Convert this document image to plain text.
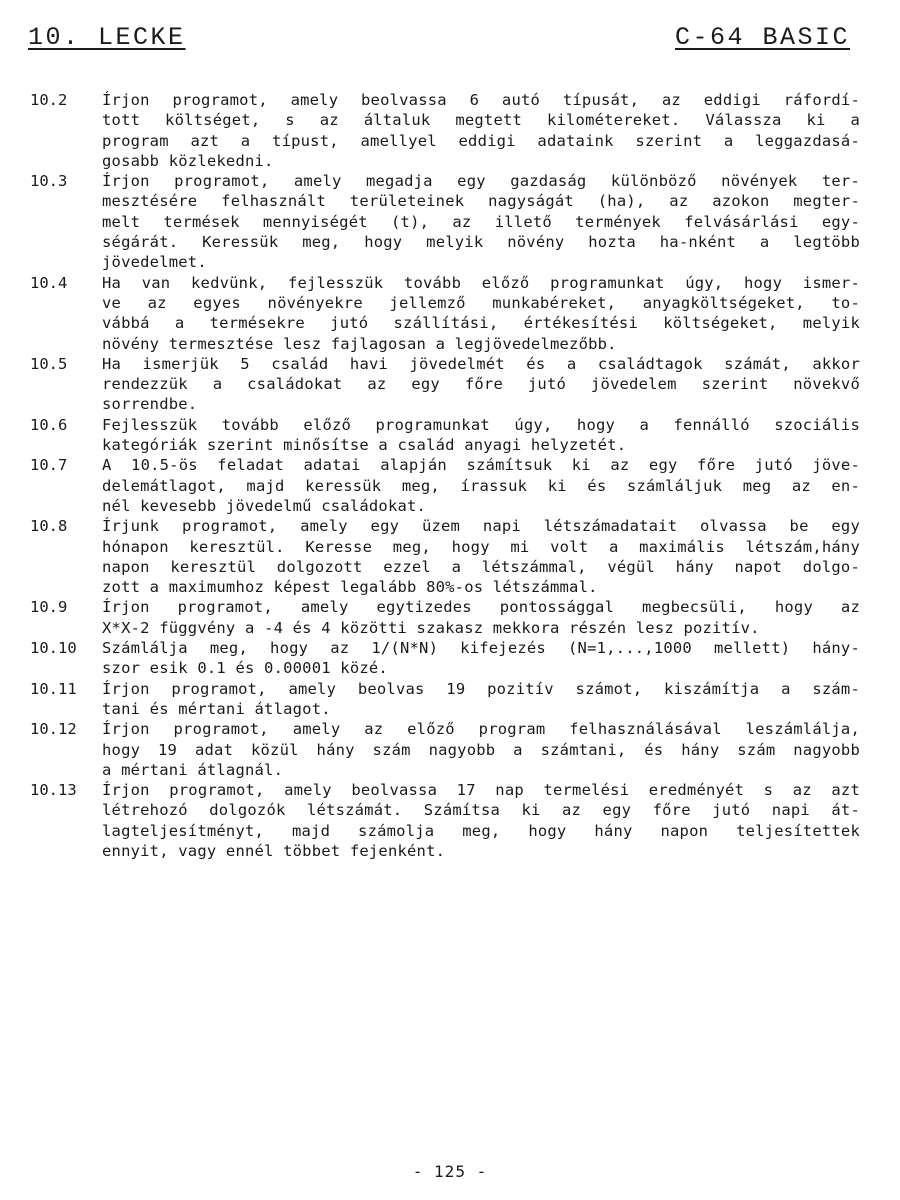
10. LECKE	C-64 BASIC
10.2	Írjon programot, amely beolvassa 6 autó típusát, az eddigi ráfordí-
tott költséget, s az általuk megtett kilométereket. Válassza ki a
program azt a típust, amellyel eddigi adataink szerint a leggazdasá-
gosabb közlekedni.
10.3	Írjon programot, amely megadja egy gazdaság különböző növények ter-
mesztésére felhasznált területeinek nagyságát (ha), az azokon megter-
melt termések mennyiségét (t), az illető termények felvásárlási egy-
ségárát. Keressük meg, hogy melyik növény hozta ha-nként a legtöbb
jövedelmet.
10.4	Ha van kedvünk, fejlesszük tovább előző programunkat úgy, hogy ismer-
ve az egyes növényekre jellemző munkabéreket, anyagköltségeket, to-
vábbá a termésekre jutó szállítási, értékesítési költségeket, melyik
növény termesztése lesz fajlagosan a legjövedelmezőbb.
10.5	Ha ismerjük 5 család havi jövedelmét és a családtagok számát, akkor
rendezzük a családokat az egy főre jutó jövedelem szerint növekvő
sorrendbe.
10.6	Fejlesszük tovább előző programunkat úgy, hogy a fennálló szociális
kategóriák szerint minősítse a család anyagi helyzetét.
10.7	A 10.5-ös feladat adatai alapján számítsuk ki az egy főre jutó jöve-
delemátlagot, majd keressük meg, írassuk ki és számláljuk meg az en-
nél kevesebb jövedelmű családokat.
10.8	Írjunk programot, amely egy üzem napi létszámadatait olvassa be egy
hónapon keresztül. Keresse meg, hogy mi volt a maximális létszám,hány
napon keresztül dolgozott ezzel a létszámmal, végül hány napot dolgo-
zott a maximumhoz képest legalább 80%-os létszámmal.
10.9	Írjon programot, amely egytizedes pontossággal megbecsüli, hogy az
X*X-2 függvény a -4 és 4 közötti szakasz mekkora részén lesz pozitív.
10.10	Számlálja meg, hogy az 1/(N*N) kifejezés (N=1,...,1000 mellett) hány-
szor esik 0.1 és 0.00001 közé.
10.11	Írjon programot, amely beolvas 19 pozitív számot, kiszámítja a szám-
tani és mértani átlagot.
10.12	Írjon programot, amely az előző program felhasználásával leszámlálja,
hogy 19 adat közül hány szám nagyobb a számtani, és hány szám nagyobb
a mértani átlagnál.
10.13	Írjon programot, amely beolvassa 17 nap termelési eredményét s az azt
létrehozó dolgozók létszámát. Számítsa ki az egy főre jutó napi át-
lagteljesítményt, majd számolja meg, hogy hány napon teljesítettek
ennyit, vagy ennél többet fejenként.
- 125 -
